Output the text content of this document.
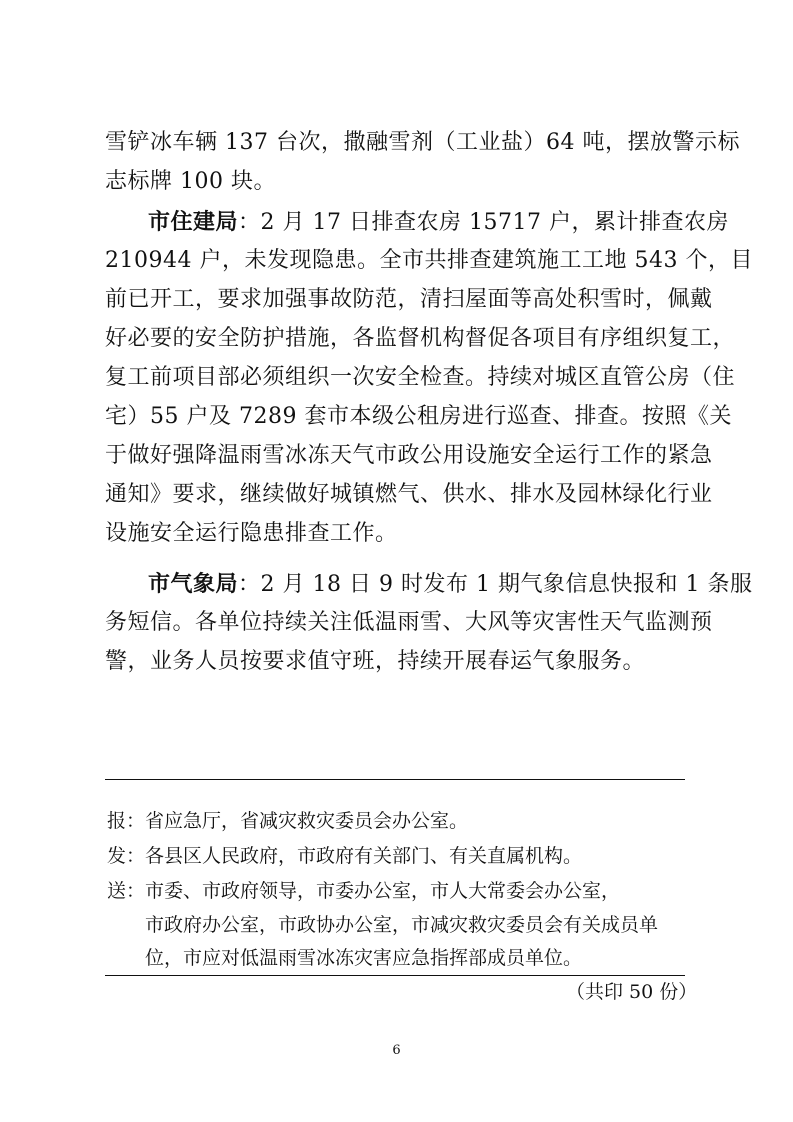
雪铲冰车辆 137 台次，撒融雪剂（工业盐）64 吨，摆放警示标
志标牌 100 块。
市住建局：2 月 17 日排查农房 15717 户，累计排查农房
210944 户，未发现隐患。全市共排查建筑施工工地 543 个，目
前已开工，要求加强事故防范，清扫屋面等高处积雪时，佩戴
好必要的安全防护措施，各监督机构督促各项目有序组织复工，
复工前项目部必须组织一次安全检查。持续对城区直管公房（住
宅）55 户及 7289 套市本级公租房进行巡查、排查。按照《关
于做好强降温雨雪冰冻天气市政公用设施安全运行工作的紧急
通知》要求，继续做好城镇燃气、供水、排水及园林绿化行业
设施安全运行隐患排查工作。
市气象局：2 月 18 日 9 时发布 1 期气象信息快报和 1 条服
务短信。各单位持续关注低温雨雪、大风等灾害性天气监测预
警，业务人员按要求值守班，持续开展春运气象服务。
报：省应急厅，省减灾救灾委员会办公室。
发：各县区人民政府，市政府有关部门、有关直属机构。
送：市委、市政府领导，市委办公室，市人大常委会办公室，
市政府办公室，市政协办公室，市减灾救灾委员会有关成员单
位，市应对低温雨雪冰冻灾害应急指挥部成员单位。
（共印 50 份）
6
